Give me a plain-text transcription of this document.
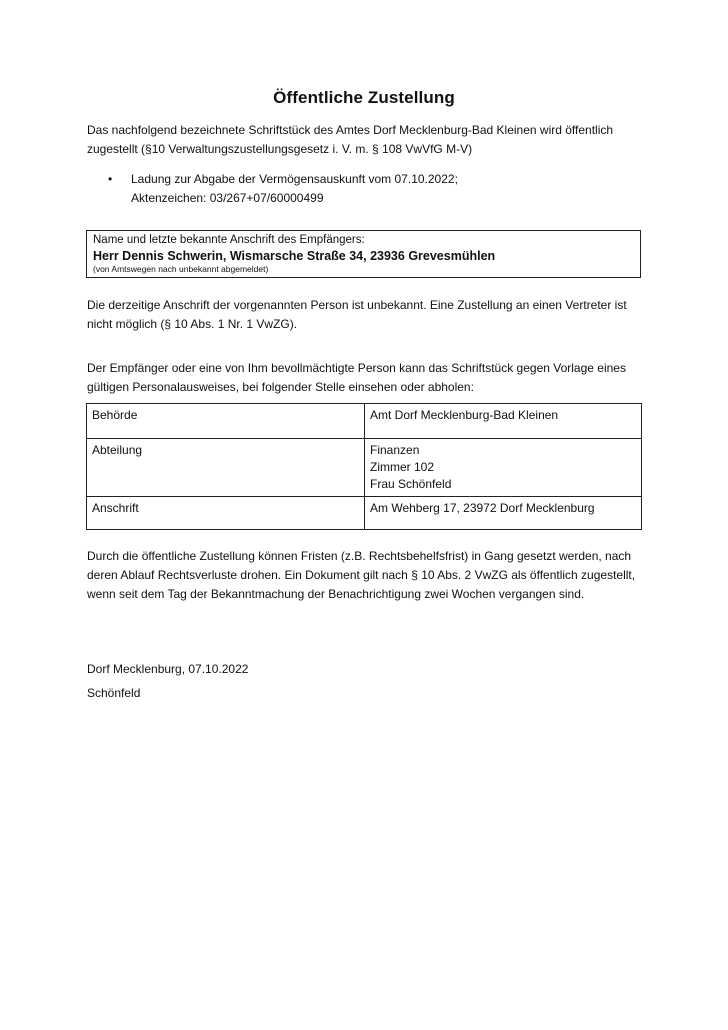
Öffentliche Zustellung
Das nachfolgend bezeichnete Schriftstück des Amtes Dorf Mecklenburg-Bad Kleinen wird öffentlich zugestellt (§10 Verwaltungszustellungsgesetz i. V. m. § 108 VwVfG M-V)
• Ladung zur Abgabe der Vermögensauskunft vom 07.10.2022;
Aktenzeichen: 03/267+07/60000499
Name und letzte bekannte Anschrift des Empfängers:
Herr Dennis Schwerin, Wismarsche Straße 34, 23936 Grevesmühlen
(von Amtswegen nach unbekannt abgemeldet)
Die derzeitige Anschrift der vorgenannten Person ist unbekannt. Eine Zustellung an einen Vertreter ist nicht möglich (§ 10 Abs. 1 Nr. 1 VwZG).
Der Empfänger oder eine von Ihm bevollmächtigte Person kann das Schriftstück gegen Vorlage eines gültigen Personalausweises, bei folgender Stelle einsehen oder abholen:
Behörde	Amt Dorf Mecklenburg-Bad Kleinen

Abteilung	Finanzen
Zimmer 102
Frau Schönfeld

Anschrift	Am Wehberg 17, 23972 Dorf Mecklenburg
Durch die öffentliche Zustellung können Fristen (z.B. Rechtsbehelfsfrist) in Gang gesetzt werden, nach deren Ablauf Rechtsverluste drohen. Ein Dokument gilt nach § 10 Abs. 2 VwZG als öffentlich zugestellt, wenn seit dem Tag der Bekanntmachung der Benachrichtigung zwei Wochen vergangen sind.
Dorf Mecklenburg, 07.10.2022
Schönfeld
